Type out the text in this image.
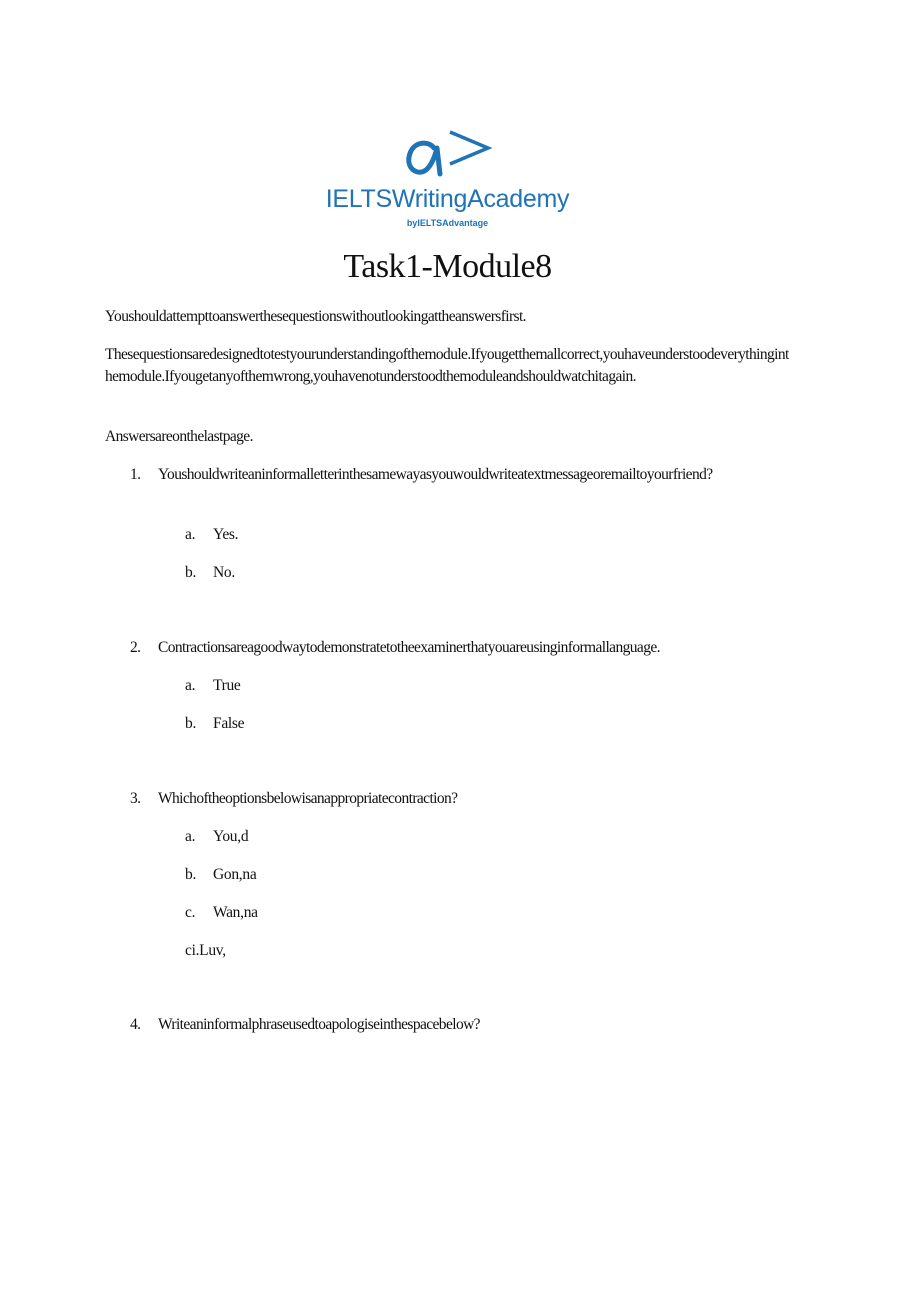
IELTSWritingAcademy
byIELTSAdvantage
Task1-Module8
Youshouldattempttoanswerthesequestionswithoutlookingattheanswersfirst.
Thesequestionsaredesignedtotestyourunderstandingofthemodule.Ifyougetthemallcorrect,youhaveunderstoodeverythinginthemodule.Ifyougetanyofthemwrong,youhavenotunderstoodthemoduleandshouldwatchitagain.
Answersareonthelastpage.
1. Youshouldwriteaninformalletterinthesamewayasyouwouldwriteatextmessageoremailtoyourfriend?
a. Yes.
b. No.
2. Contractionsareagoodwaytodemonstratetotheexaminerthatyouareusinginformallanguage.
a. True
b. False
3. Whichoftheoptionsbelowisanappropriatecontraction?
a. You,d
b. Gon,na
c. Wan,na
ci.Luv,
4. Writeaninformalphraseusedtoapologiseinthespacebelow?
